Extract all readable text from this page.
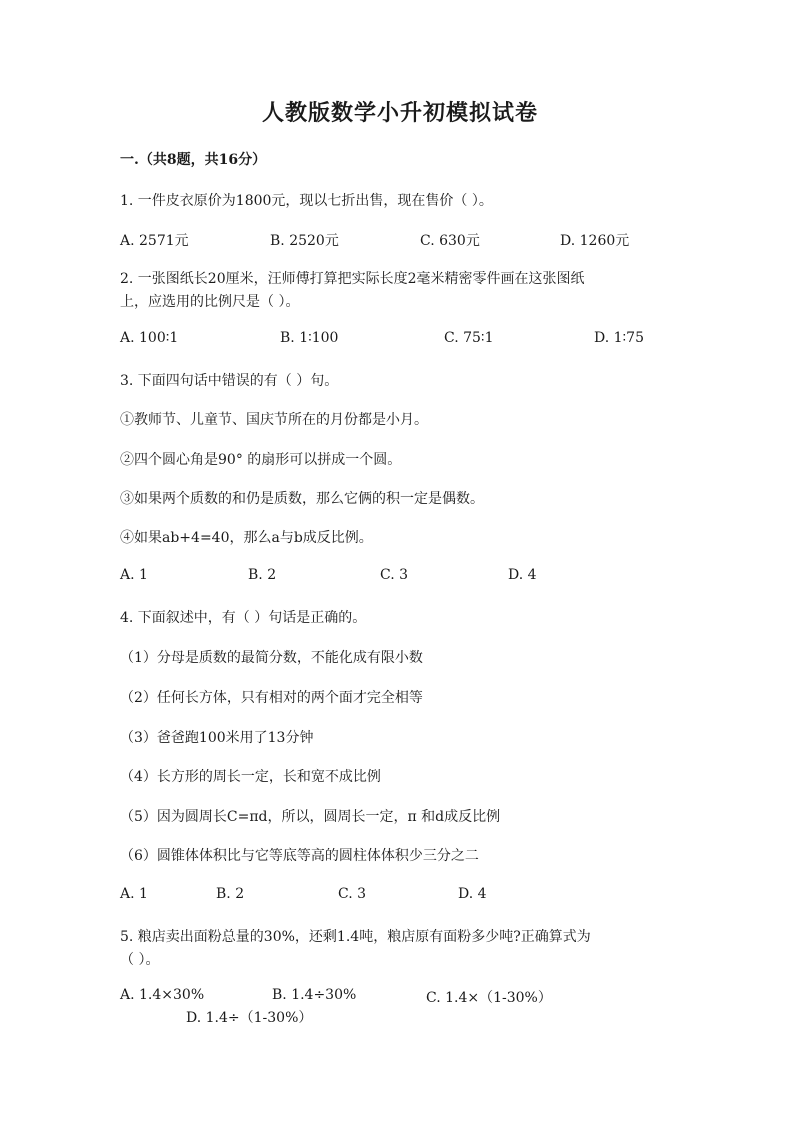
人教版数学小升初模拟试卷
一.（共8题，共16分）
1. 一件皮衣原价为1800元，现以七折出售，现在售价（ ）。
A. 2571元	B. 2520元	C. 630元	D. 1260元
2. 一张图纸长20厘米，汪师傅打算把实际长度2毫米精密零件画在这张图纸
上，应选用的比例尺是（ ）。
A. 100∶1	B. 1∶100	C. 75∶1	D. 1∶75
3. 下面四句话中错误的有（ ）句。
①教师节、儿童节、国庆节所在的月份都是小月。
②四个圆心角是90° 的扇形可以拼成一个圆。
③如果两个质数的和仍是质数，那么它俩的积一定是偶数。
④如果ab+4=40，那么a与b成反比例。
A. 1	B. 2	C. 3	D. 4
4. 下面叙述中，有（ ）句话是正确的。
（1）分母是质数的最简分数，不能化成有限小数
（2）任何长方体，只有相对的两个面才完全相等
（3）爸爸跑100米用了13分钟
（4）长方形的周长一定，长和宽不成比例
（5）因为圆周长C=πd，所以，圆周长一定，π 和d成反比例
（6）圆锥体体积比与它等底等高的圆柱体体积少三分之二
A. 1	B. 2	C. 3	D. 4
5. 粮店卖出面粉总量的30%，还剩1.4吨，粮店原有面粉多少吨?正确算式为
（ ）。
A. 1.4×30%	B. 1.4÷30%	C. 1.4×（1-30%）
D. 1.4÷（1-30%）
